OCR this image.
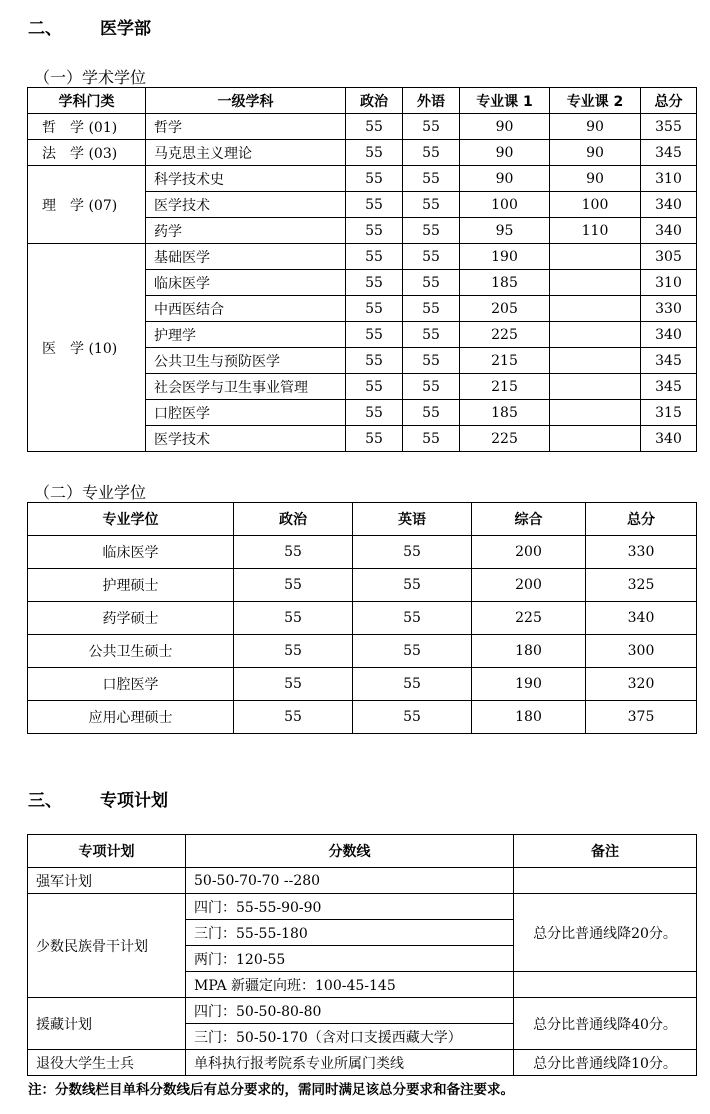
二、 医学部
（一）学术学位
学科门类	一级学科	政治	外语	专业课 1	专业课 2	总分
哲　学 (01)	哲学	55	55	90	90	355
法　学 (03)	马克思主义理论	55	55	90	90	345
理　学 (07)	科学技术史	55	55	90	90	310
	医学技术	55	55	100	100	340
	药学	55	55	95	110	340
医　学 (10)	基础医学	55	55	190		305
	临床医学	55	55	185		310
	中西医结合	55	55	205		330
	护理学	55	55	225		340
	公共卫生与预防医学	55	55	215		345
	社会医学与卫生事业管理	55	55	215		345
	口腔医学	55	55	185		315
	医学技术	55	55	225		340
（二）专业学位
专业学位	政治	英语	综合	总分
临床医学	55	55	200	330
护理硕士	55	55	200	325
药学硕士	55	55	225	340
公共卫生硕士	55	55	180	300
口腔医学	55	55	190	320
应用心理硕士	55	55	180	375
三、 专项计划
专项计划	分数线	备注
强军计划	50-50-70-70 --280	
少数民族骨干计划	四门：55-55-90-90	总分比普通线降20分。
	三门：55-55-180	
	两门：120-55	
	MPA 新疆定向班：100-45-145	
援藏计划	四门：50-50-80-80	总分比普通线降40分。
	三门：50-50-170（含对口支援西藏大学）	
退役大学生士兵	单科执行报考院系专业所属门类线	总分比普通线降10分。
注：分数线栏目单科分数线后有总分要求的，需同时满足该总分要求和备注要求。
